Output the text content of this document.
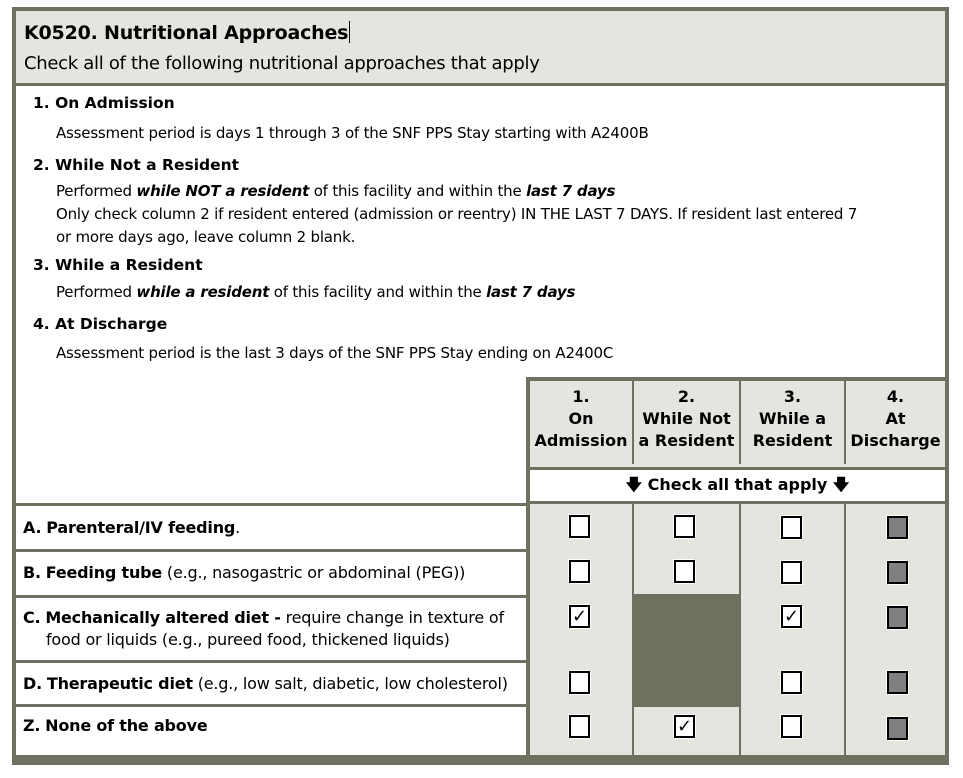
K0520. Nutritional Approaches
Check all of the following nutritional approaches that apply
1. On Admission
Assessment period is days 1 through 3 of the SNF PPS Stay starting with A2400B
2. While Not a Resident
Performed while NOT a resident of this facility and within the last 7 days
Only check column 2 if resident entered (admission or reentry) IN THE LAST 7 DAYS. If resident last entered 7
or more days ago, leave column 2 blank.
3. While a Resident
Performed while a resident of this facility and within the last 7 days
4. At Discharge
Assessment period is the last 3 days of the SNF PPS Stay ending on A2400C
A. Parenteral/IV feeding.
B. Feeding tube (e.g., nasogastric or abdominal (PEG))
C. Mechanically altered diet - require change in texture of
food or liquids (e.g., pureed food, thickened liquids)
D. Therapeutic diet (e.g., low salt, diabetic, low cholesterol)
Z. None of the above
1.
On
Admission
2.
While Not
a Resident
3.
While a
Resident
4.
At
Discharge
🡇 Check all that apply 🡇
✓	✓
✓
